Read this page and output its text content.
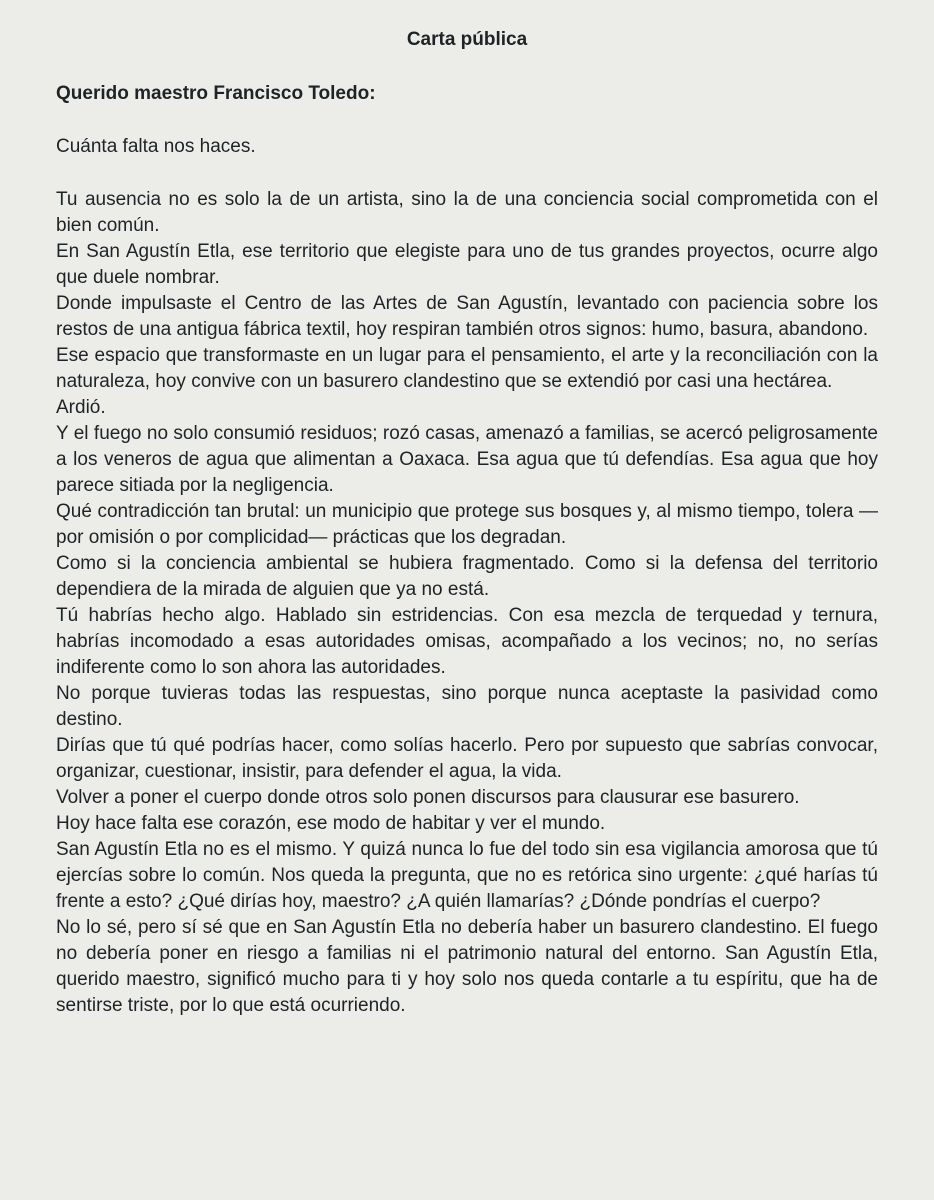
Carta pública
Querido maestro Francisco Toledo:
Cuánta falta nos haces.

Tu ausencia no es solo la de un artista, sino la de una conciencia social comprometida con el bien común.

En San Agustín Etla, ese territorio que elegiste para uno de tus grandes proyectos, ocurre algo que duele nombrar.

Donde impulsaste el Centro de las Artes de San Agustín, levantado con paciencia sobre los restos de una antigua fábrica textil, hoy respiran también otros signos: humo, basura, abandono.

Ese espacio que transformaste en un lugar para el pensamiento, el arte y la reconciliación con la naturaleza, hoy convive con un basurero clandestino que se extendió por casi una hectárea.

Ardió.

Y el fuego no solo consumió residuos; rozó casas, amenazó a familias, se acercó peligrosamente a los veneros de agua que alimentan a Oaxaca. Esa agua que tú defendías. Esa agua que hoy parece sitiada por la negligencia.

Qué contradicción tan brutal: un municipio que protege sus bosques y, al mismo tiempo, tolera —por omisión o por complicidad— prácticas que los degradan.

Como si la conciencia ambiental se hubiera fragmentado. Como si la defensa del territorio dependiera de la mirada de alguien que ya no está.

Tú habrías hecho algo. Hablado sin estridencias. Con esa mezcla de terquedad y ternura, habrías incomodado a esas autoridades omisas, acompañado a los vecinos; no, no serías indiferente como lo son ahora las autoridades.

No porque tuvieras todas las respuestas, sino porque nunca aceptaste la pasividad como destino.

Dirías que tú qué podrías hacer, como solías hacerlo. Pero por supuesto que sabrías convocar, organizar, cuestionar, insistir, para defender el agua, la vida.

Volver a poner el cuerpo donde otros solo ponen discursos para clausurar ese basurero.

Hoy hace falta ese corazón, ese modo de habitar y ver el mundo.

San Agustín Etla no es el mismo. Y quizá nunca lo fue del todo sin esa vigilancia amorosa que tú ejercías sobre lo común. Nos queda la pregunta, que no es retórica sino urgente: ¿qué harías tú frente a esto? ¿Qué dirías hoy, maestro? ¿A quién llamarías? ¿Dónde pondrías el cuerpo?

No lo sé, pero sí sé que en San Agustín Etla no debería haber un basurero clandestino. El fuego no debería poner en riesgo a familias ni el patrimonio natural del entorno. San Agustín Etla, querido maestro, significó mucho para ti y hoy solo nos queda contarle a tu espíritu, que ha de sentirse triste, por lo que está ocurriendo.
